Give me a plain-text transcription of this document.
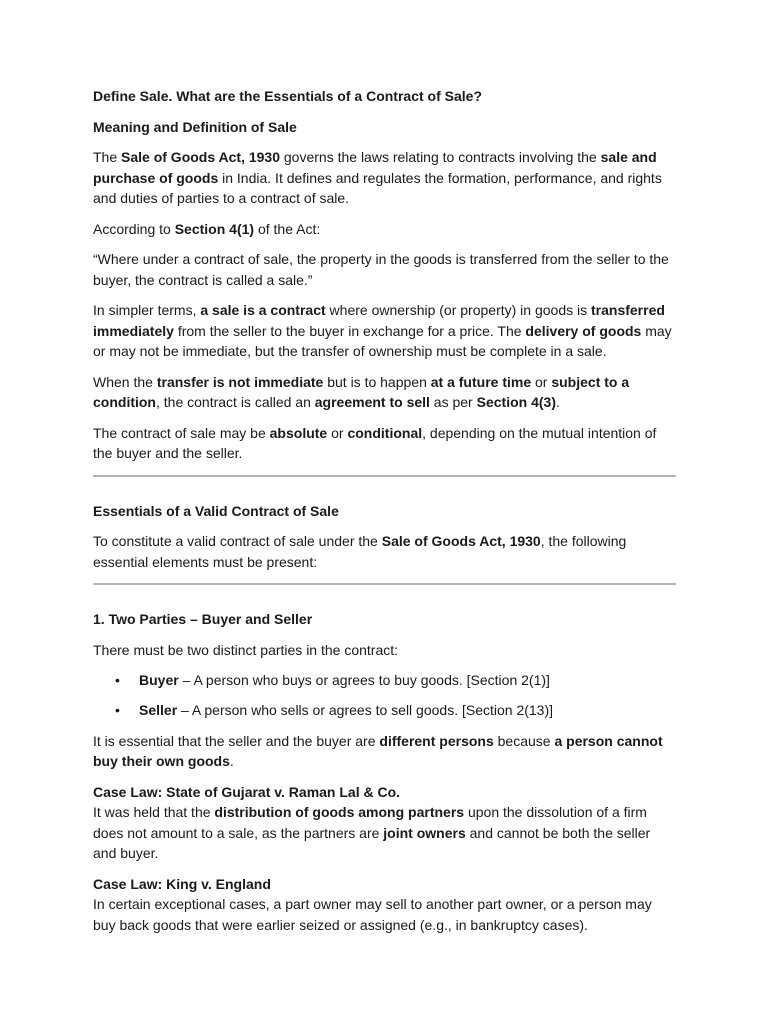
Define Sale. What are the Essentials of a Contract of Sale?

Meaning and Definition of Sale

The Sale of Goods Act, 1930 governs the laws relating to contracts involving the sale and purchase of goods in India. It defines and regulates the formation, performance, and rights and duties of parties to a contract of sale.

According to Section 4(1) of the Act:

“Where under a contract of sale, the property in the goods is transferred from the seller to the buyer, the contract is called a sale.”

In simpler terms, a sale is a contract where ownership (or property) in goods is transferred immediately from the seller to the buyer in exchange for a price. The delivery of goods may or may not be immediate, but the transfer of ownership must be complete in a sale.

When the transfer is not immediate but is to happen at a future time or subject to a condition, the contract is called an agreement to sell as per Section 4(3).

The contract of sale may be absolute or conditional, depending on the mutual intention of the buyer and the seller.

Essentials of a Valid Contract of Sale

To constitute a valid contract of sale under the Sale of Goods Act, 1930, the following essential elements must be present:

1. Two Parties – Buyer and Seller

There must be two distinct parties in the contract:

• Buyer – A person who buys or agrees to buy goods. [Section 2(1)]
• Seller – A person who sells or agrees to sell goods. [Section 2(13)]

It is essential that the seller and the buyer are different persons because a person cannot buy their own goods.

Case Law: State of Gujarat v. Raman Lal & Co.

It was held that the distribution of goods among partners upon the dissolution of a firm does not amount to a sale, as the partners are joint owners and cannot be both the seller and buyer.

Case Law: King v. England

In certain exceptional cases, a part owner may sell to another part owner, or a person may buy back goods that were earlier seized or assigned (e.g., in bankruptcy cases).
